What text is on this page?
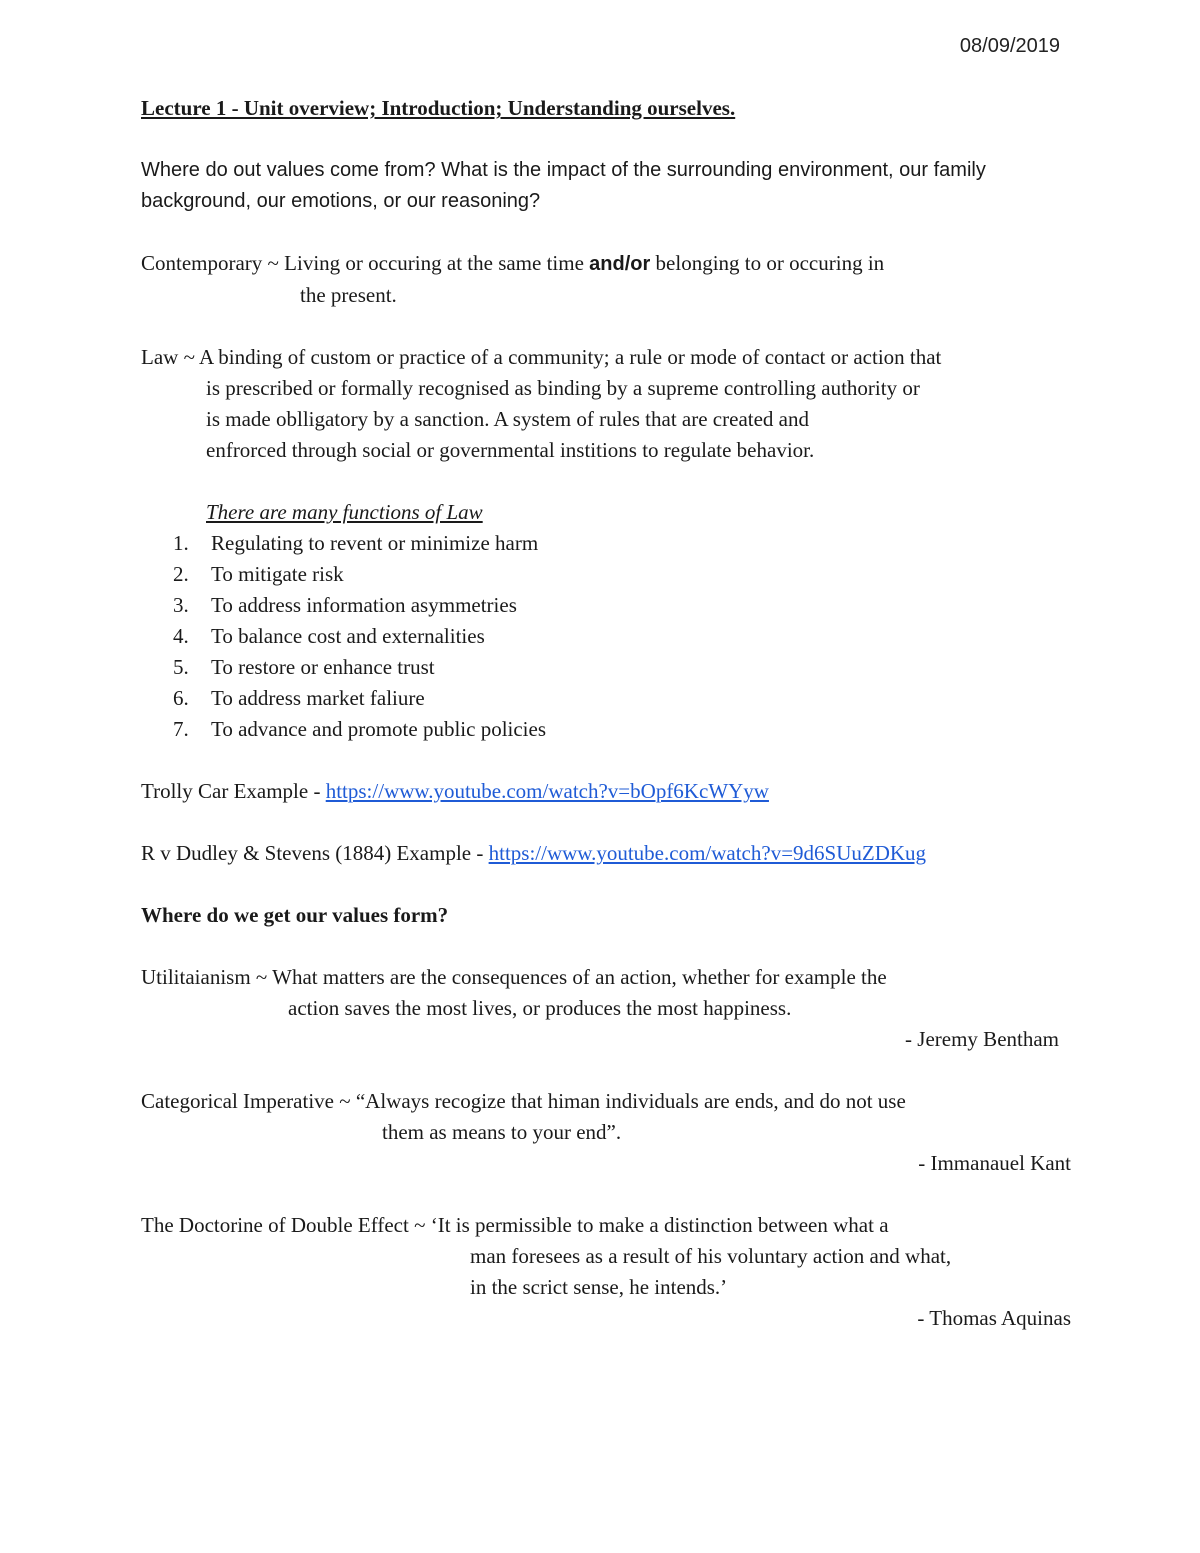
08/09/2019

Lecture 1 - Unit overview; Introduction; Understanding ourselves.

Where do out values come from? What is the impact of the surrounding environment, our family

background, our emotions, or our reasoning?

Contemporary ~ Living or occuring at the same time and/or belonging to or occuring in

the present.

Law ~ A binding of custom or practice of a community; a rule or mode of contact or action that

is prescribed or formally recognised as binding by a supreme controlling authority or

is made oblligatory by a sanction. A system of rules that are created and

enfrorced through social or governmental institions to regulate behavior.

There are many functions of Law

1.	Regulating to revent or minimize harm
2.	To mitigate risk
3.	To address information asymmetries
4.	To balance cost and externalities
5.	To restore or enhance trust
6.	To address market faliure
7.	To advance and promote public policies

Trolly Car Example - https://www.youtube.com/watch?v=bOpf6KcWYyw

R v Dudley & Stevens (1884) Example - https://www.youtube.com/watch?v=9d6SUuZDKug

Where do we get our values form?

Utilitaianism ~ What matters are the consequences of an action, whether for example the

action saves the most lives, or produces the most happiness.

- Jeremy Bentham

Categorical Imperative ~ “Always recogize that himan individuals are ends, and do not use

them as means to your end”.

- Immanauel Kant

The Doctorine of Double Effect ~ ‘It is permissible to make a distinction between what a

man foresees as a result of his voluntary action and what,

in the scrict sense, he intends.’

- Thomas Aquinas
